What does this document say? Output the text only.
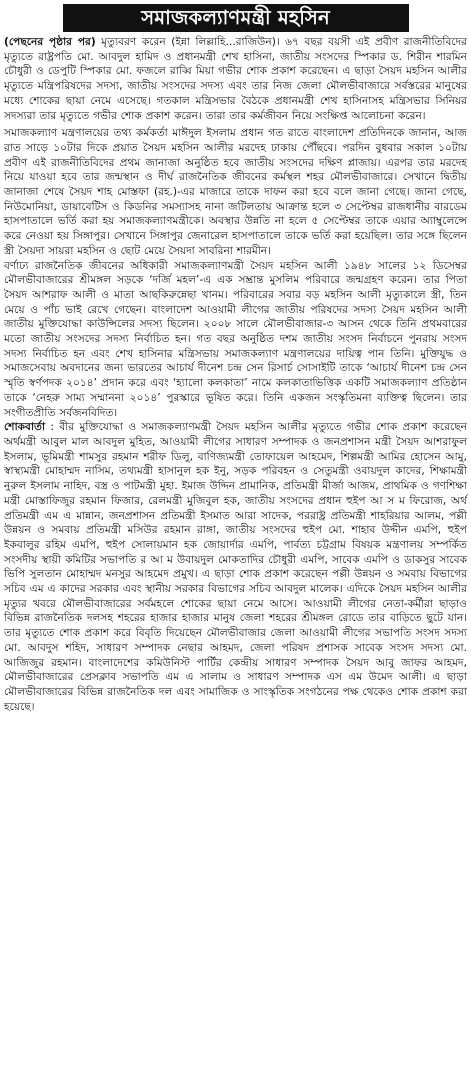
সমাজকল্যাণমন্ত্রী মহসিন

(পেছনের পৃষ্ঠার পর) মৃত্যুবরণ করেন (ইন্না লিল্লাহি...রাজিউন)। ৬৭ বছর বয়সী এই প্রবীণ রাজনীতিবিদের মৃত্যুতে রাষ্ট্রপতি মো. আবদুল হামিদ ও প্রধানমন্ত্রী শেখ হাসিনা, জাতীয় সংসদের স্পিকার ড. শিরীন শারমিন চৌধুরী ও ডেপুটি স্পিকার মো. ফজলে রাব্বি মিয়া গভীর শোক প্রকাশ করেছেন। এ ছাড়া সৈয়দ মহসিন আলীর মৃত্যুতে মন্ত্রিপরিষদের সদস্য, জাতীয় সংসদের সদস্য এবং তার নিজ জেলা মৌলভীবাজারে সর্বস্তরের মানুষের মধ্যে শোকের ছায়া নেমে এসেছে। গতকাল মন্ত্রিসভার বৈঠকে প্রধানমন্ত্রী শেখ হাসিনাসহ মন্ত্রিসভার সিনিয়র সদস্যরা তার মৃত্যুতে গভীর শোক প্রকাশ করেন। তারা তার কর্মজীবন নিয়ে সংক্ষিপ্ত আলোচনা করেন।

সমাজকল্যাণ মন্ত্রণালয়ের তথ্য কর্মকর্তা মাঈদুল ইসলাম প্রধান গত রাতে বাংলাদেশ প্রতিদিনকে জানান, আজ রাত সাড়ে ১০টার দিকে প্রয়াত সৈয়দ মহসিন আলীর মরদেহ ঢাকায় পৌঁছবে। পরদিন বুধবার সকাল ১০টায় প্রবীণ এই রাজনীতিবিদের প্রথম জানাজা অনুষ্ঠিত হবে জাতীয় সংসদের দক্ষিণ প্লাজায়। এরপর তার মরদেহ নিয়ে যাওয়া হবে তার জন্মস্থান ও দীর্ঘ রাজনৈতিক জীবনের কর্মস্থল শহর মৌলভীবাজারে। সেখানে দ্বিতীয় জানাজা শেষে সৈয়দ শাহ মোস্তফা (রহ.)-এর মাজারে তাকে দাফন করা হবে বলে জানা গেছে। জানা গেছে, নিউমোনিয়া, ডায়াবেটিস ও কিডনির সমস্যাসহ নানা জটিলতায় আক্রান্ত হলে ৩ সেপ্টেম্বর রাজধানীর বারডেম হাসপাতালে ভর্তি করা হয় সমাজকল্যাণমন্ত্রীকে। অবস্থার উন্নতি না হলে ৫ সেপ্টেম্বর তাকে এয়ার অ্যাম্বুলেন্সে করে নেওয়া হয় সিঙ্গাপুর। সেখানে সিঙ্গাপুর জেনারেল হাসপাতালে তাকে ভর্তি করা হয়েছিল। তার সঙ্গে ছিলেন স্ত্রী সৈয়দা সায়রা মহসিন ও ছোট মেয়ে সৈয়দা সাবরিনা শারমীন।

বর্ণাঢ্য রাজনৈতিক জীবনের অধিকারী সমাজকল্যাণমন্ত্রী সৈয়দ মহসিন আলী ১৯৪৮ সালের ১২ ডিসেম্বর মৌলভীবাজারের শ্রীমঙ্গল সড়কে ‘দর্জি মহল’-এ এক সম্ভ্রান্ত মুসলিম পরিবারে জন্মগ্রহণ করেন। তার পিতা সৈয়দ আশরাফ আলী ও মাতা আছকিরুন্নেছা খানম। পরিবারের সবার বড় মহসিন আলী মৃত্যুকালে স্ত্রী, তিন মেয়ে ও পাঁচ ভাই রেখে গেছেন। বাংলাদেশ আওয়ামী লীগের জাতীয় পরিষদের সদস্য সৈয়দ মহসিন আলী জাতীয় মুক্তিযোদ্ধা কাউন্সিলের সদস্য ছিলেন। ২০০৮ সালে মৌলভীবাজার-৩ আসন থেকে তিনি প্রথমবারের মতো জাতীয় সংসদের সদস্য নির্বাচিত হন। গত বছর অনুষ্ঠিত দশম জাতীয় সংসদ নির্বাচনে পুনরায় সংসদ সদস্য নির্বাচিত হন এবং শেখ হাসিনার মন্ত্রিসভায় সমাজকল্যাণ মন্ত্রণালয়ের দায়িত্ব পান তিনি। মুক্তিযুদ্ধ ও সমাজসেবায় অবদানের জন্য ভারতের আচার্য দীনেশ চন্দ্র সেন রিসার্চ সোসাইটি তাকে ‘আচার্য দীনেশ চন্দ্র সেন স্মৃতি স্বর্ণপদক ২০১৪’ প্রদান করে এবং ‘হ্যালো কলকাতা’ নামে কলকাতাভিত্তিক একটি সমাজকল্যাণ প্রতিষ্ঠান তাকে ‘নেহরু সাম্য সম্মাননা ২০১৪’ পুরস্কারে ভূষিত করে। তিনি একজন সংস্কৃতিমনা ব্যক্তিত্ব ছিলেন। তার সংগীতপ্রীতি সর্বজনবিদিত।

শোকবার্তা : বীর মুক্তিযোদ্ধা ও সমাজকল্যাণমন্ত্রী সৈয়দ মহসিন আলীর মৃত্যুতে গভীর শোক প্রকাশ করেছেন অর্থমন্ত্রী আবুল মাল আবদুল মুহিত, আওয়ামী লীগের সাধারণ সম্পাদক ও জনপ্রশাসন মন্ত্রী সৈয়দ আশরাফুল ইসলাম, ভূমিমন্ত্রী শামসুর রহমান শরীফ ডিলু, বাণিজ্যমন্ত্রী তোফায়েল আহমেদ, শিল্পমন্ত্রী আমির হোসেন আমু, স্বাস্থ্যমন্ত্রী মোহাম্মদ নাসিম, তথ্যমন্ত্রী হাসানুল হক ইনু, সড়ক পরিবহন ও সেতুমন্ত্রী ওবায়দুল কাদের, শিক্ষামন্ত্রী নুরুল ইসলাম নাহিদ, বস্ত্র ও পাটমন্ত্রী মুহা. ইমাজ উদ্দিন প্রামানিক, প্রতিমন্ত্রী মীর্জা আজম, প্রাথমিক ও গণশিক্ষা মন্ত্রী মোস্তাফিজুর রহমান ফিজার, রেলমন্ত্রী মুজিবুল হক, জাতীয় সংসদের প্রধান হুইপ আ স ম ফিরোজ, অর্থ প্রতিমন্ত্রী এম এ মান্নান, জনপ্রশাসন প্রতিমন্ত্রী ইসমাত আরা সাদেক, পররাষ্ট্র প্রতিমন্ত্রী শাহরিয়ার আলম, পল্লী উন্নয়ন ও সমবায় প্রতিমন্ত্রী মসিউর রহমান রাঙ্গা, জাতীয় সংসদের হুইপ মো. শাহাব উদ্দীন এমপি, হুইপ ইকবালুর রহিম এমপি, হুইপ সোলায়মান হক জোয়ার্দার এমপি, পার্বত্য চট্টগ্রাম বিষয়ক মন্ত্রণালয় সম্পর্কিত সংসদীয় স্থায়ী কমিটির সভাপতি র আ ম উবায়দুল মোকতাদির চৌধুরী এমপি, সাবেক এমপি ও ডাকসুর সাবেক ভিপি সুলতান মোহাম্মদ মনসুর আহমেদ প্রমুখ। এ ছাড়া শোক প্রকাশ করেছেন পল্লী উন্নয়ন ও সমবায় বিভাগের সচিব এম এ কাদের সরকার এবং স্থানীয় সরকার বিভাগের সচিব আবদুল মালেক। এদিকে সৈয়দ মহসিন আলীর মৃত্যুর খবরে মৌলভীবাজারের সর্বমহলে শোকের ছায়া নেমে আসে। আওয়ামী লীগের নেতা-কর্মীরা ছাড়াও বিভিন্ন রাজনৈতিক দলসহ শহরের হাজার হাজার মানুষ জেলা শহরের শ্রীমঙ্গল রোডে তার বাড়িতে ছুটে যান। তার মৃত্যুতে শোক প্রকাশ করে বিবৃতি দিয়েছেন মৌলভীবাজার জেলা আওয়ামী লীগের সভাপতি সংসদ সদস্য মো. আবদুস শহিদ, সাধারণ সম্পাদক নেছার আহমদ, জেলা পরিষদ প্রশাসক সাবেক সংসদ সদস্য মো. আজিজুর রহমান। বাংলাদেশের কমিউনিস্ট পার্টির কেন্দ্রীয় সাধারণ সম্পাদক সৈয়দ আবু জাফর আহমদ, মৌলভীবাজারের প্রেসক্লাব সভাপতি এম এ সালাম ও সাধারণ সম্পাদক এস এম উমেদ আলী। এ ছাড়া মৌলভীবাজারের বিভিন্ন রাজনৈতিক দল এবং সামাজিক ও সাংস্কৃতিক সংগঠনের পক্ষ থেকেও শোক প্রকাশ করা হয়েছে।
